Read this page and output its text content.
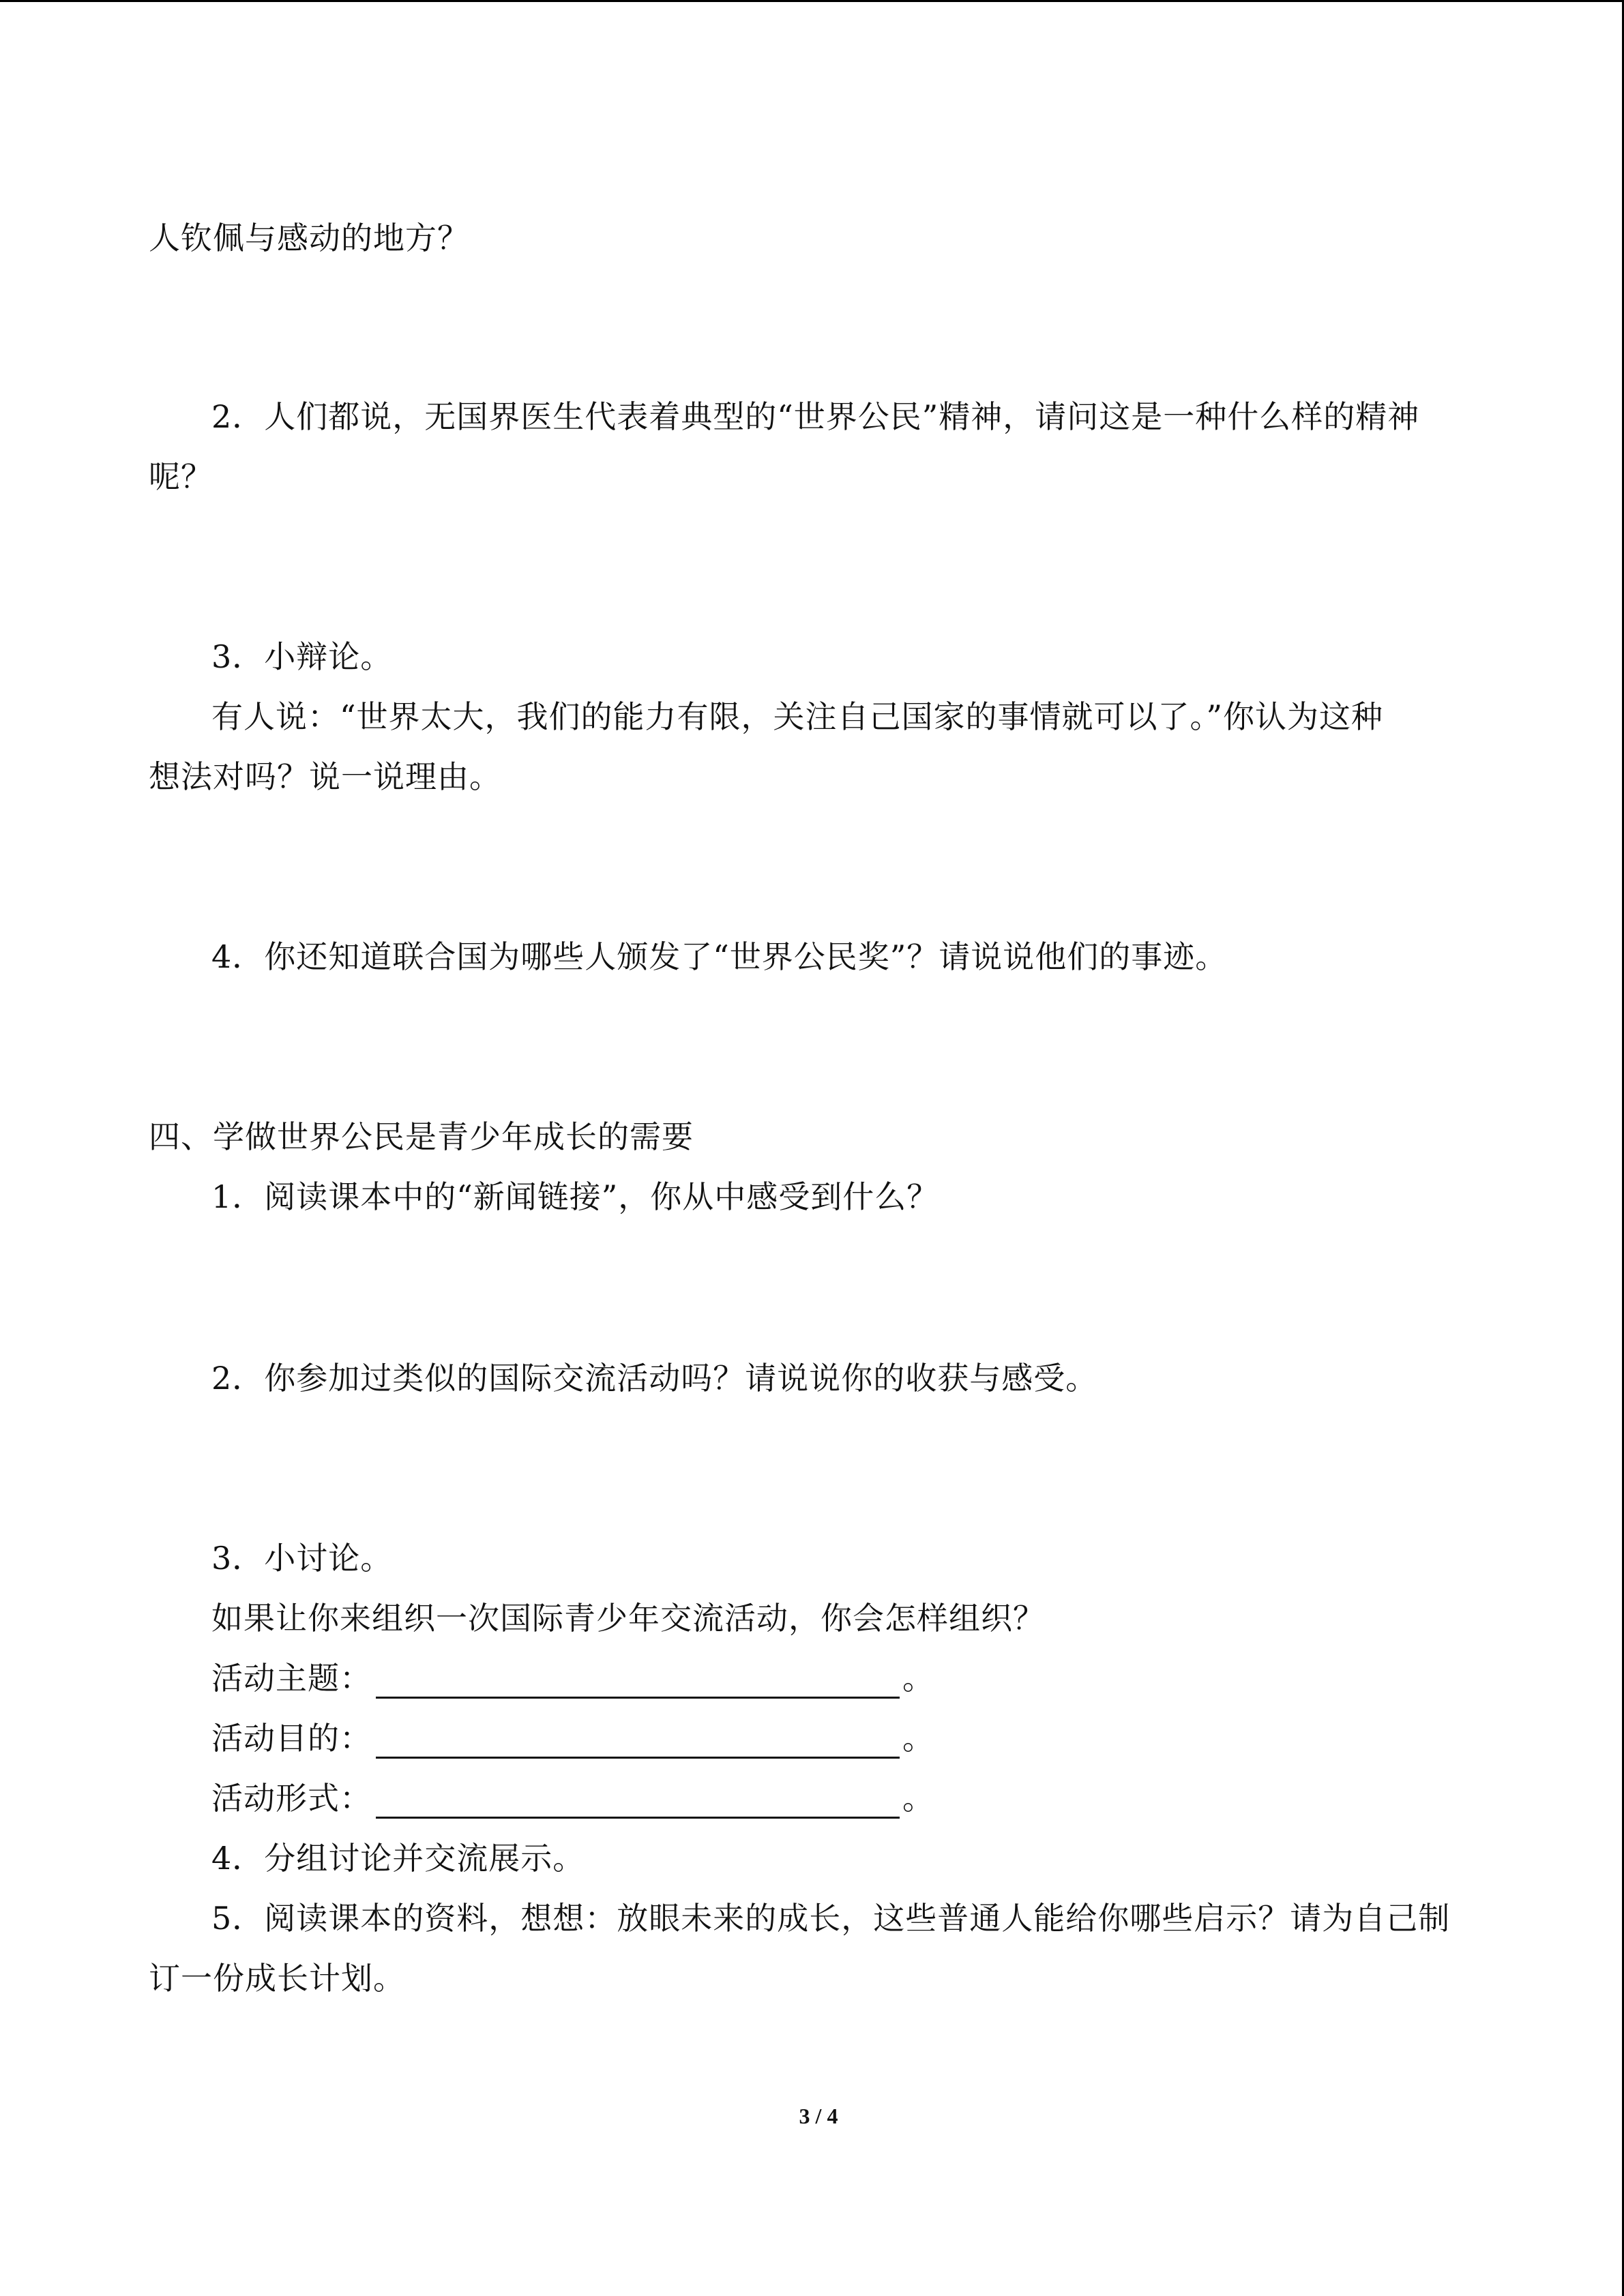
人钦佩与感动的地方？
2．人们都说，无国界医生代表着典型的“世界公民”精神，请问这是一种什么样的精神
呢？
3．小辩论。
有人说：“世界太大，我们的能力有限，关注自己国家的事情就可以了。”你认为这种
想法对吗？说一说理由。
4．你还知道联合国为哪些人颁发了“世界公民奖”？请说说他们的事迹。
四、学做世界公民是青少年成长的需要
1．阅读课本中的“新闻链接”，你从中感受到什么？
2．你参加过类似的国际交流活动吗？请说说你的收获与感受。
3．小讨论。
如果让你来组织一次国际青少年交流活动，你会怎样组织？
活动主题：	。
活动目的：	。
活动形式：	。
4．分组讨论并交流展示。
5．阅读课本的资料，想想：放眼未来的成长，这些普通人能给你哪些启示？请为自己制
订一份成长计划。
3 / 4
